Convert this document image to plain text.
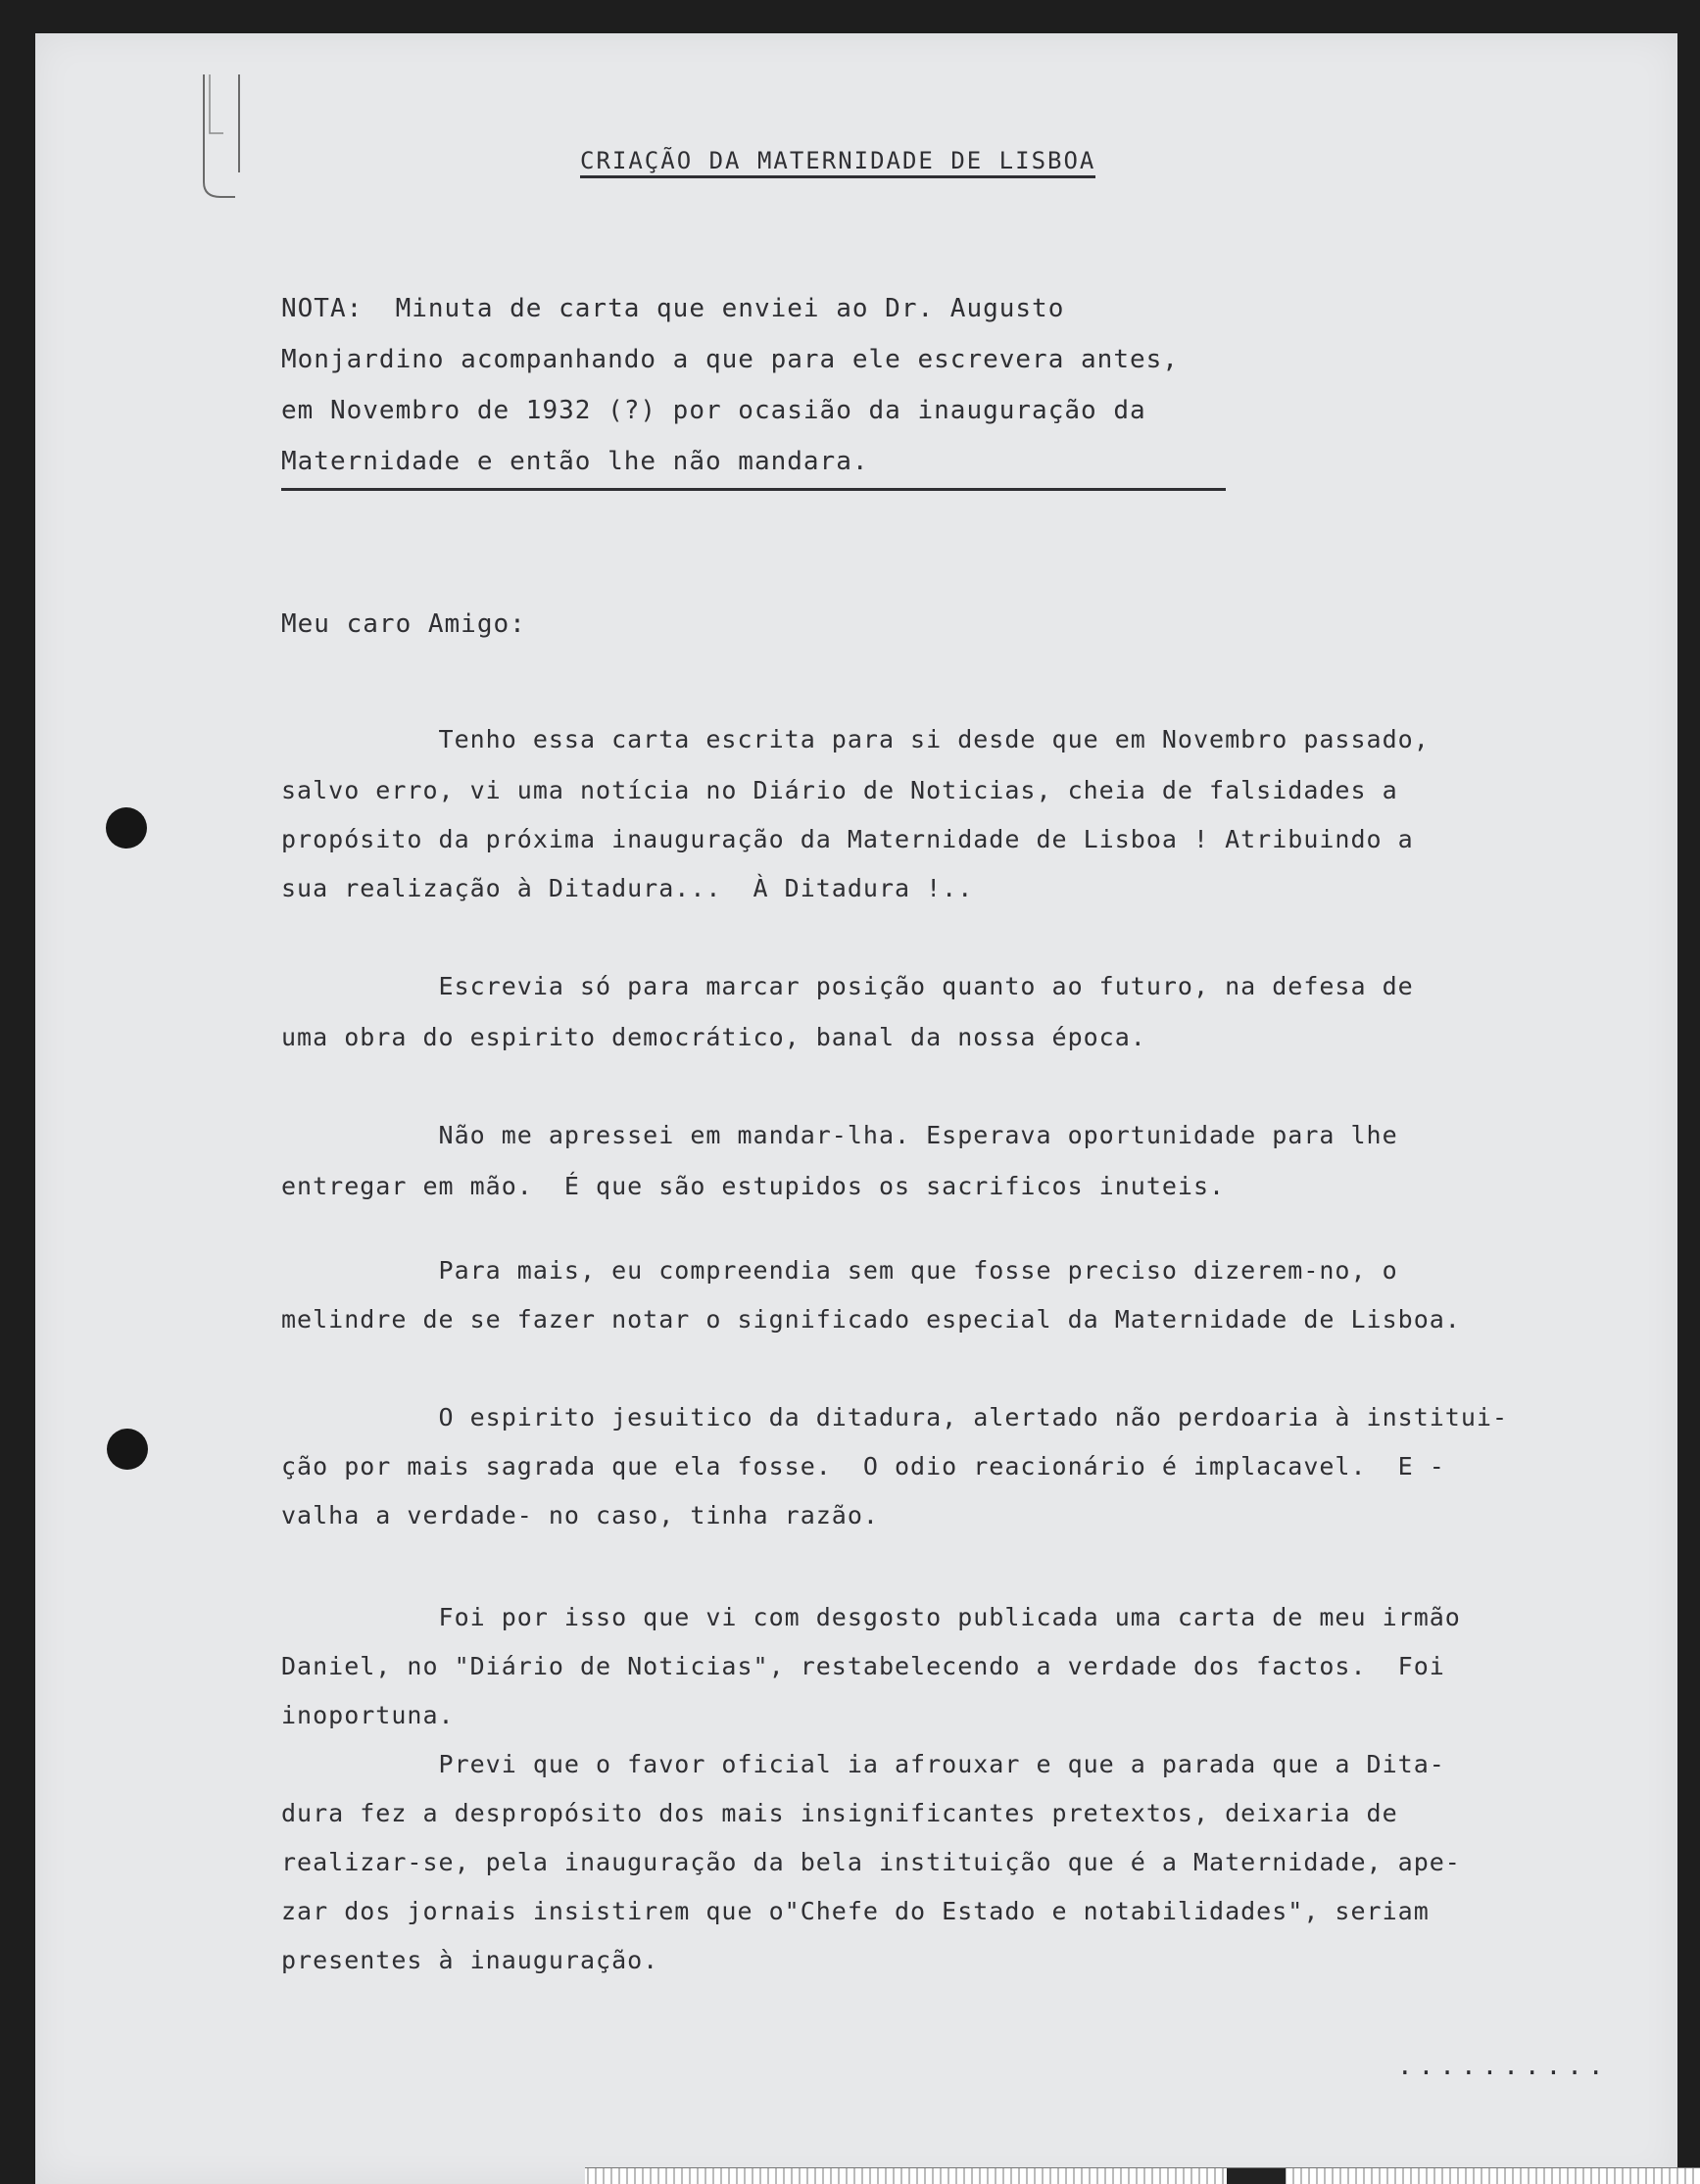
CRIAÇÃO DA MATERNIDADE DE LISBOA
NOTA:  Minuta de carta que enviei ao Dr. Augusto
Monjardino acompanhando a que para ele escrevera antes,
em Novembro de 1932 (?) por ocasião da inauguração da
Maternidade e então lhe não mandara.
Meu caro Amigo:
Tenho essa carta escrita para si desde que em Novembro passado,
salvo erro, vi uma notícia no Diário de Noticias, cheia de falsidades a
propósito da próxima inauguração da Maternidade de Lisboa ! Atribuindo a
sua realização à Ditadura...  À Ditadura !..
Escrevia só para marcar posição quanto ao futuro, na defesa de
uma obra do espirito democrático, banal da nossa época.
Não me apressei em mandar-lha. Esperava oportunidade para lhe
entregar em mão.  É que são estupidos os sacrificos inuteis.
Para mais, eu compreendia sem que fosse preciso dizerem-no, o
melindre de se fazer notar o significado especial da Maternidade de Lisboa.
O espirito jesuitico da ditadura, alertado não perdoaria à institui-
ção por mais sagrada que ela fosse.  O odio reacionário é implacavel.  E -
valha a verdade- no caso, tinha razão.
Foi por isso que vi com desgosto publicada uma carta de meu irmão
Daniel, no "Diário de Noticias", restabelecendo a verdade dos factos.  Foi
inoportuna.
Previ que o favor oficial ia afrouxar e que a parada que a Dita-
dura fez a despropósito dos mais insignificantes pretextos, deixaria de
realizar-se, pela inauguração da bela instituição que é a Maternidade, ape-
zar dos jornais insistirem que o"Chefe do Estado e notabilidades", seriam
presentes à inauguração.
..........
